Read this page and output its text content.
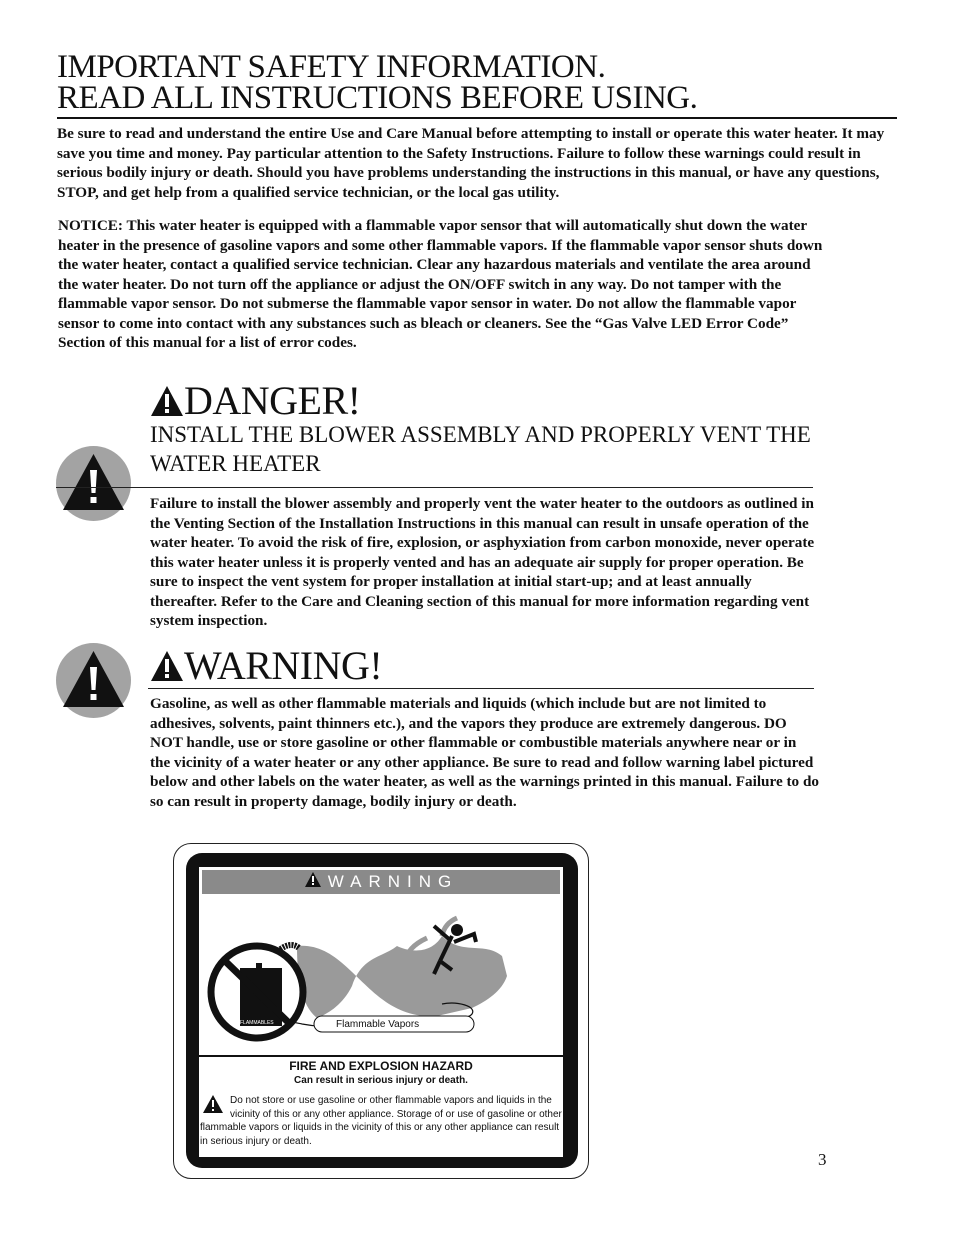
IMPORTANT SAFETY INFORMATION.
READ ALL INSTRUCTIONS BEFORE USING.
Be sure to read and understand the entire Use and Care Manual before attempting to install or operate this water heater. It may save you time and money. Pay particular attention to the Safety Instructions. Failure to follow these warnings could result in serious bodily injury or death. Should you have problems understanding the instructions in this manual, or have any questions, STOP, and get help from a qualified service technician, or the local gas utility.
NOTICE: This water heater is equipped with a flammable vapor sensor that will automatically shut down the water heater in the presence of gasoline vapors and some other flammable vapors. If the flammable vapor sensor shuts down the water heater, contact a qualified service technician. Clear any hazardous materials and ventilate the area around the water heater. Do not turn off the appliance or adjust the ON/OFF switch in any way. Do not tamper with the flammable vapor sensor. Do not submerse the flammable vapor sensor in water. Do not allow the flammable vapor sensor to come into contact with any substances such as bleach or cleaners. See the “Gas Valve LED Error Code” Section of this manual for a list of error codes.
DANGER!
INSTALL THE BLOWER ASSEMBLY AND PROPERLY VENT THE WATER HEATER
Failure to install the blower assembly and properly vent the water heater to the outdoors as outlined in the Venting Section of the Installation Instructions in this manual can result in unsafe operation of the water heater. To avoid the risk of fire, explosion, or asphyxiation from carbon monoxide, never operate this water heater unless it is properly vented and has an adequate air supply for proper operation. Be sure to inspect the vent system for proper installation at initial start-up; and at least annually thereafter. Refer to the Care and Cleaning section of this manual for more information regarding vent system inspection.
WARNING!
Gasoline, as well as other flammable materials and liquids (which include but are not limited to adhesives, solvents, paint thinners etc.), and the vapors they produce are extremely dangerous. DO NOT handle, use or store gasoline or other flammable or combustible materials anywhere near or in the vicinity of a water heater or any other appliance. Be sure to read and follow warning label pictured below and other labels on the water heater, as well as the warnings printed in this manual. Failure to do so can result in property damage, bodily injury or death.
WARNING
FLAMMABLES	Flammable Vapors
FIRE AND EXPLOSION HAZARD
Can result in serious injury or death.
Do not store or use gasoline or other flammable vapors and liquids in the vicinity of this or any other appliance. Storage of or use of gasoline or other flammable vapors or liquids in the vicinity of this or any other appliance can result in serious injury or death.
3
